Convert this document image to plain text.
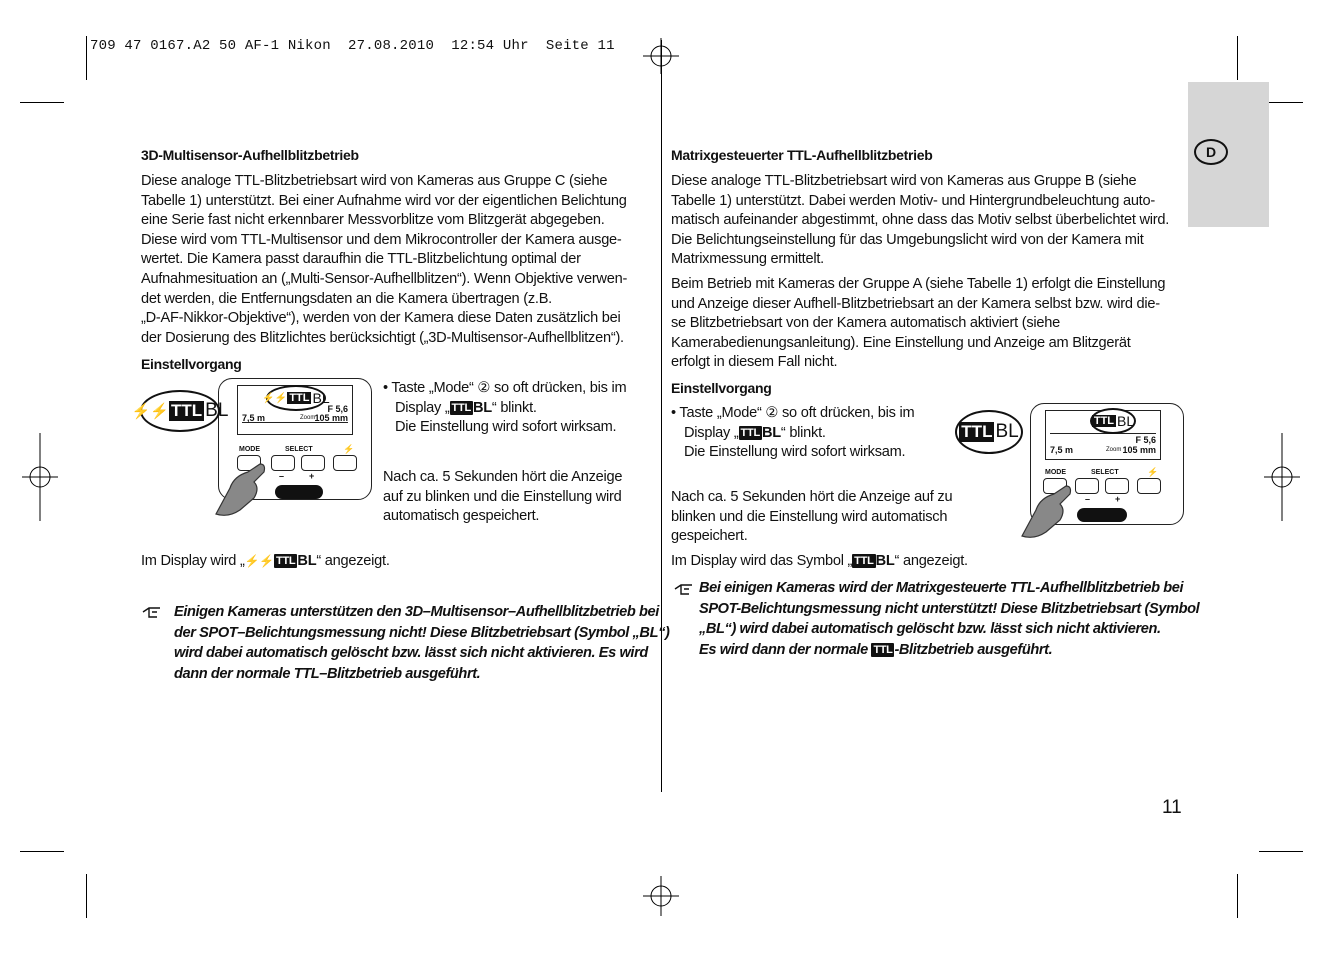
709 47 0167.A2 50 AF-1 Nikon  27.08.2010  12:54 Uhr  Seite 11
D
3D-Multisensor-Aufhellblitzbetrieb

Diese analoge TTL-Blitzbetriebsart wird von Kameras aus Gruppe C (siehe

Tabelle 1) unterstützt. Bei einer Aufnahme wird vor der eigentlichen Belichtung

eine Serie fast nicht erkennbarer Messvorblitze vom Blitzgerät abgegeben.

Diese wird vom TTL-Multisensor und dem Mikrocontroller der Kamera ausge-

wertet. Die Kamera passt daraufhin die TTL-Blitzbelichtung optimal der

Aufnahmesituation an („Multi-Sensor-Aufhellblitzen“). Wenn Objektive verwen-

det werden, die Entfernungsdaten an die Kamera übertragen (z.B.

„D-AF-Nikkor-Objektive“), werden von der Kamera diese Daten zusätzlich bei

der Dosierung des Blitzlichtes berücksichtigt („3D-Multisensor-Aufhellblitzen“).

Einstellvorgang
7,5 m
F 5,6
Zoom 105 mm
MODE	SELECT	⚡
–	+
⚡⚡ TTL BL
⚡⚡ TTL BL

• Taste „Mode“ ② so oft drücken, bis im

Display „ TTL BL“ blinkt.

Die Einstellung wird sofort wirksam.

Nach ca. 5 Sekunden hört die Anzeige

auf zu blinken und die Einstellung wird

automatisch gespeichert.

Im Display wird „⚡⚡ TTL BL“ angezeigt.
Einigen Kameras unterstützen den 3D–Multisensor–Aufhellblitzbetrieb bei
der SPOT–Belichtungsmessung nicht! Diese Blitzbetriebsart (Symbol „BL“)
wird dabei automatisch gelöscht bzw. lässt sich nicht aktivieren. Es wird
dann der normale TTL–Blitzbetrieb ausgeführt.
Matrixgesteuerter TTL-Aufhellblitzbetrieb

Diese analoge TTL-Blitzbetriebsart wird von Kameras aus Gruppe B (siehe

Tabelle 1) unterstützt. Dabei werden Motiv- und Hintergrundbeleuchtung auto-

matisch aufeinander abgestimmt, ohne dass das Motiv selbst überbelichtet wird.

Die Belichtungseinstellung für das Umgebungslicht wird von der Kamera mit

Matrixmessung ermittelt.

Beim Betrieb mit Kameras der Gruppe A (siehe Tabelle 1) erfolgt die Einstellung

und Anzeige dieser Aufhell-Blitzbetriebsart an der Kamera selbst bzw. wird die-

se Blitzbetriebsart von der Kamera automatisch aktiviert (siehe

Kamerabedienungsanleitung). Eine Einstellung und Anzeige am Blitzgerät

erfolgt in diesem Fall nicht.

Einstellvorgang

• Taste „Mode“ ② so oft drücken, bis im

Display „ TTL BL“ blinkt.

Die Einstellung wird sofort wirksam.

Nach ca. 5 Sekunden hört die Anzeige auf zu

blinken und die Einstellung wird automatisch

gespeichert.

7,5 m
F 5,6
Zoom 105 mm
MODE	SELECT	⚡
–	+
TTL BL	TTL BL
Im Display wird das Symbol „ TTL BL“ angezeigt.
Bei einigen Kameras wird der Matrixgesteuerte TTL-Aufhellblitzbetrieb bei
SPOT-Belichtungsmessung nicht unterstützt! Diese Blitzbetriebsart (Symbol
„BL“) wird dabei automatisch gelöscht bzw. lässt sich nicht aktivieren.
Es wird dann der normale TTL -Blitzbetrieb ausgeführt.
11
